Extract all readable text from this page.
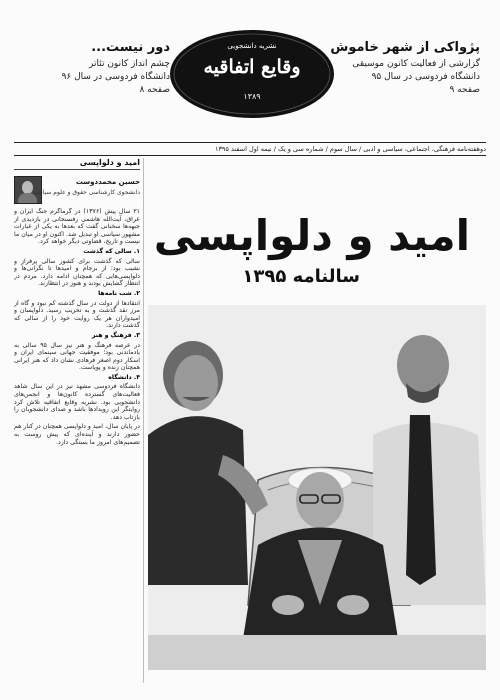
پژواکی از شهر خاموش
گزارشی از فعالیت کانون موسیقی
دانشگاه فردوسی در سال ۹۵
صفحه ۹
نشریه دانشجویی
وقایع اتفاقیه
۱۳۸۹
دور نیست...
چشم انداز کانون تئاتر
دانشگاه فردوسی در سال ۹۶
صفحه ۸
دوهفته‌نامه فرهنگی، اجتماعی، سیاسی و ادبی / سال سوم / شماره سی و یک / نیمه اول اسفند ۱۳۹۵
امید و دلواپسی
حسین محمددوست
دانشجوی کارشناسی حقوق و علوم سیاسی

۲۱ سال پیش (۱۳۷۶) در گرماگرم جنگ ایران و عراق، آیت‌الله هاشمی رفسنجانی در بازدیدی از جبهه‌ها سخنانی گفت که بعدها به یکی از عبارات مشهور سیاسی او تبدیل شد. اکنون او در میان ما نیست و تاریخ، قضاوتی دیگر خواهد کرد.

۱. سالی که گذشت

سالی که گذشت برای کشور سالی پرفراز و نشیب بود؛ از برجام و امیدها تا نگرانی‌ها و دلواپسی‌هایی که همچنان ادامه دارد. مردم در انتظار گشایش بودند و هنوز در انتظارند.

۲. شب نامه‌ها

انتقادها از دولت در سال گذشته کم نبود و گاه از مرز نقد گذشت و به تخریب رسید. دلواپسان و امیدواران هر یک روایت خود را از سالی که گذشت دارند.

۳. فرهنگ و هنر

در عرصه فرهنگ و هنر نیز سال ۹۵ سالی به یادماندنی بود؛ موفقیت جهانی سینمای ایران و اسکار دوم اصغر فرهادی نشان داد که هنر ایرانی همچنان زنده و پویاست.

۴. دانشگاه

دانشگاه فردوسی مشهد نیز در این سال شاهد فعالیت‌های گسترده کانون‌ها و انجمن‌های دانشجویی بود. نشریه وقایع اتفاقیه تلاش کرد روایتگر این رویدادها باشد و صدای دانشجویان را بازتاب دهد.

در پایان سال، امید و دلواپسی همچنان در کنار هم حضور دارند و آینده‌ای که پیش روست به تصمیم‌های امروز ما بستگی دارد.

امید و دلواپسی
سالنامه ۱۳۹۵
